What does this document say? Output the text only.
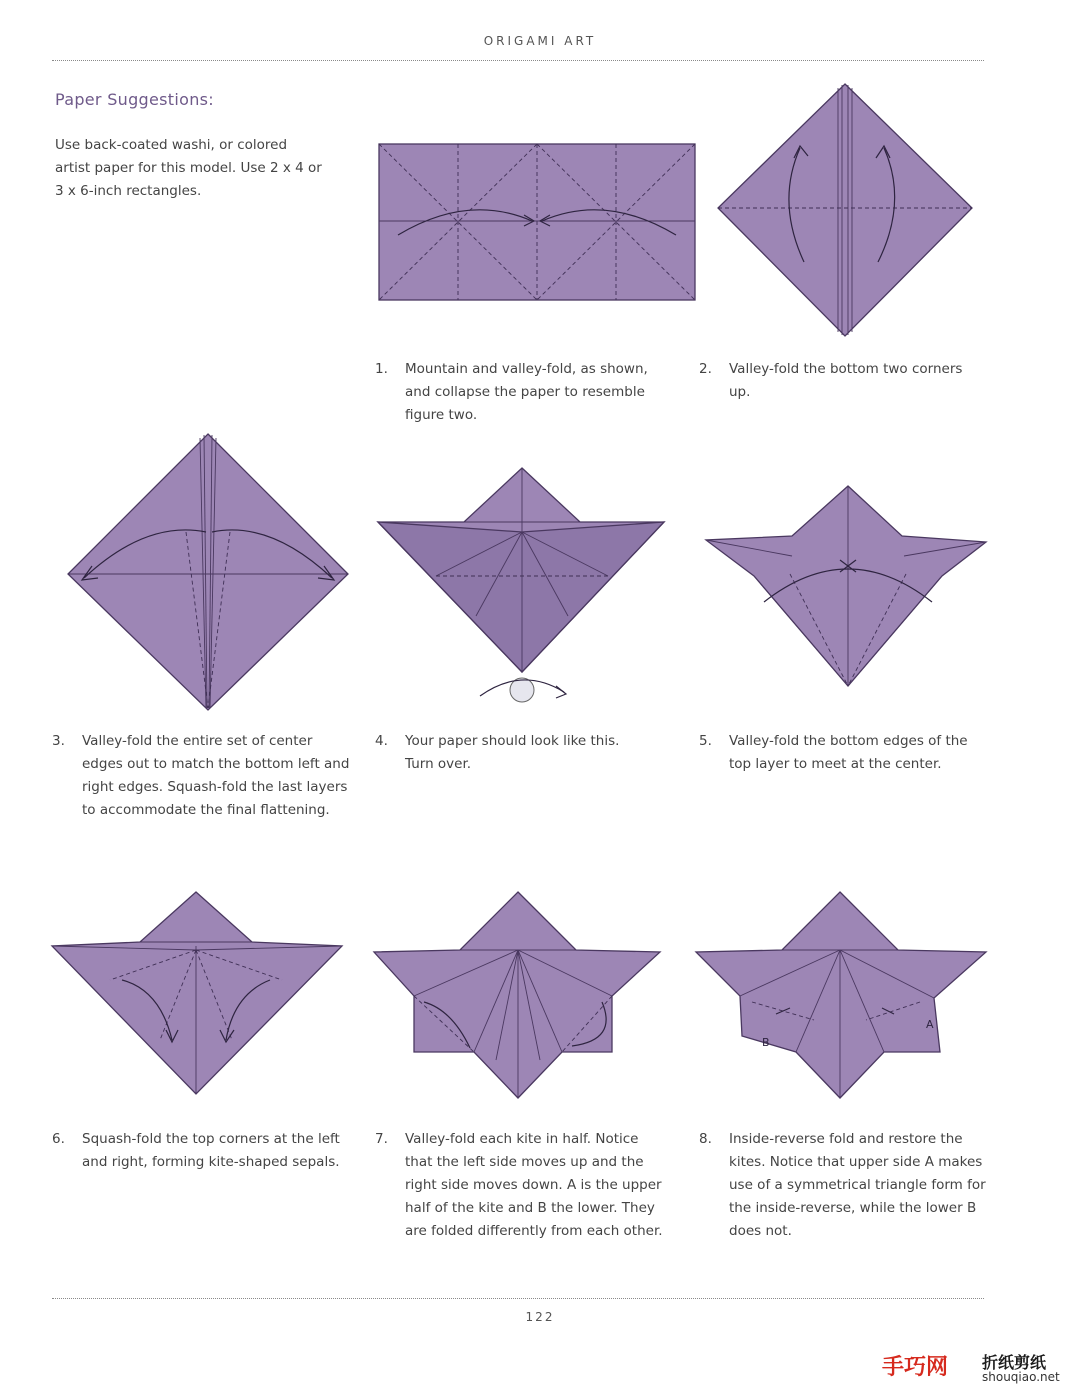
ORIGAMI ART
Paper Suggestions:
Use back-coated washi, or colored artist paper for this model. Use 2 x 4 or 3 x 6-inch rectangles.
1. Mountain and valley-fold, as shown, and collapse the paper to resemble figure two.
2. Valley-fold the bottom two corners up.
3. Valley-fold the entire set of center edges out to match the bottom left and right edges. Squash-fold the last layers to accommodate the final flattening.
4. Your paper should look like this. Turn over.
5. Valley-fold the bottom edges of the top layer to meet at the center.
A
B
6. Squash-fold the top corners at the left and right, forming kite-shaped sepals.
7. Valley-fold each kite in half. Notice that the left side moves up and the right side moves down. A is the upper half of the kite and B the lower. They are folded differently from each other.
8. Inside-reverse fold and restore the kites. Notice that upper side A makes use of a symmetrical triangle form for the inside-reverse, while the lower B does not.
122
手巧网 折纸剪纸
shouqiao.net
